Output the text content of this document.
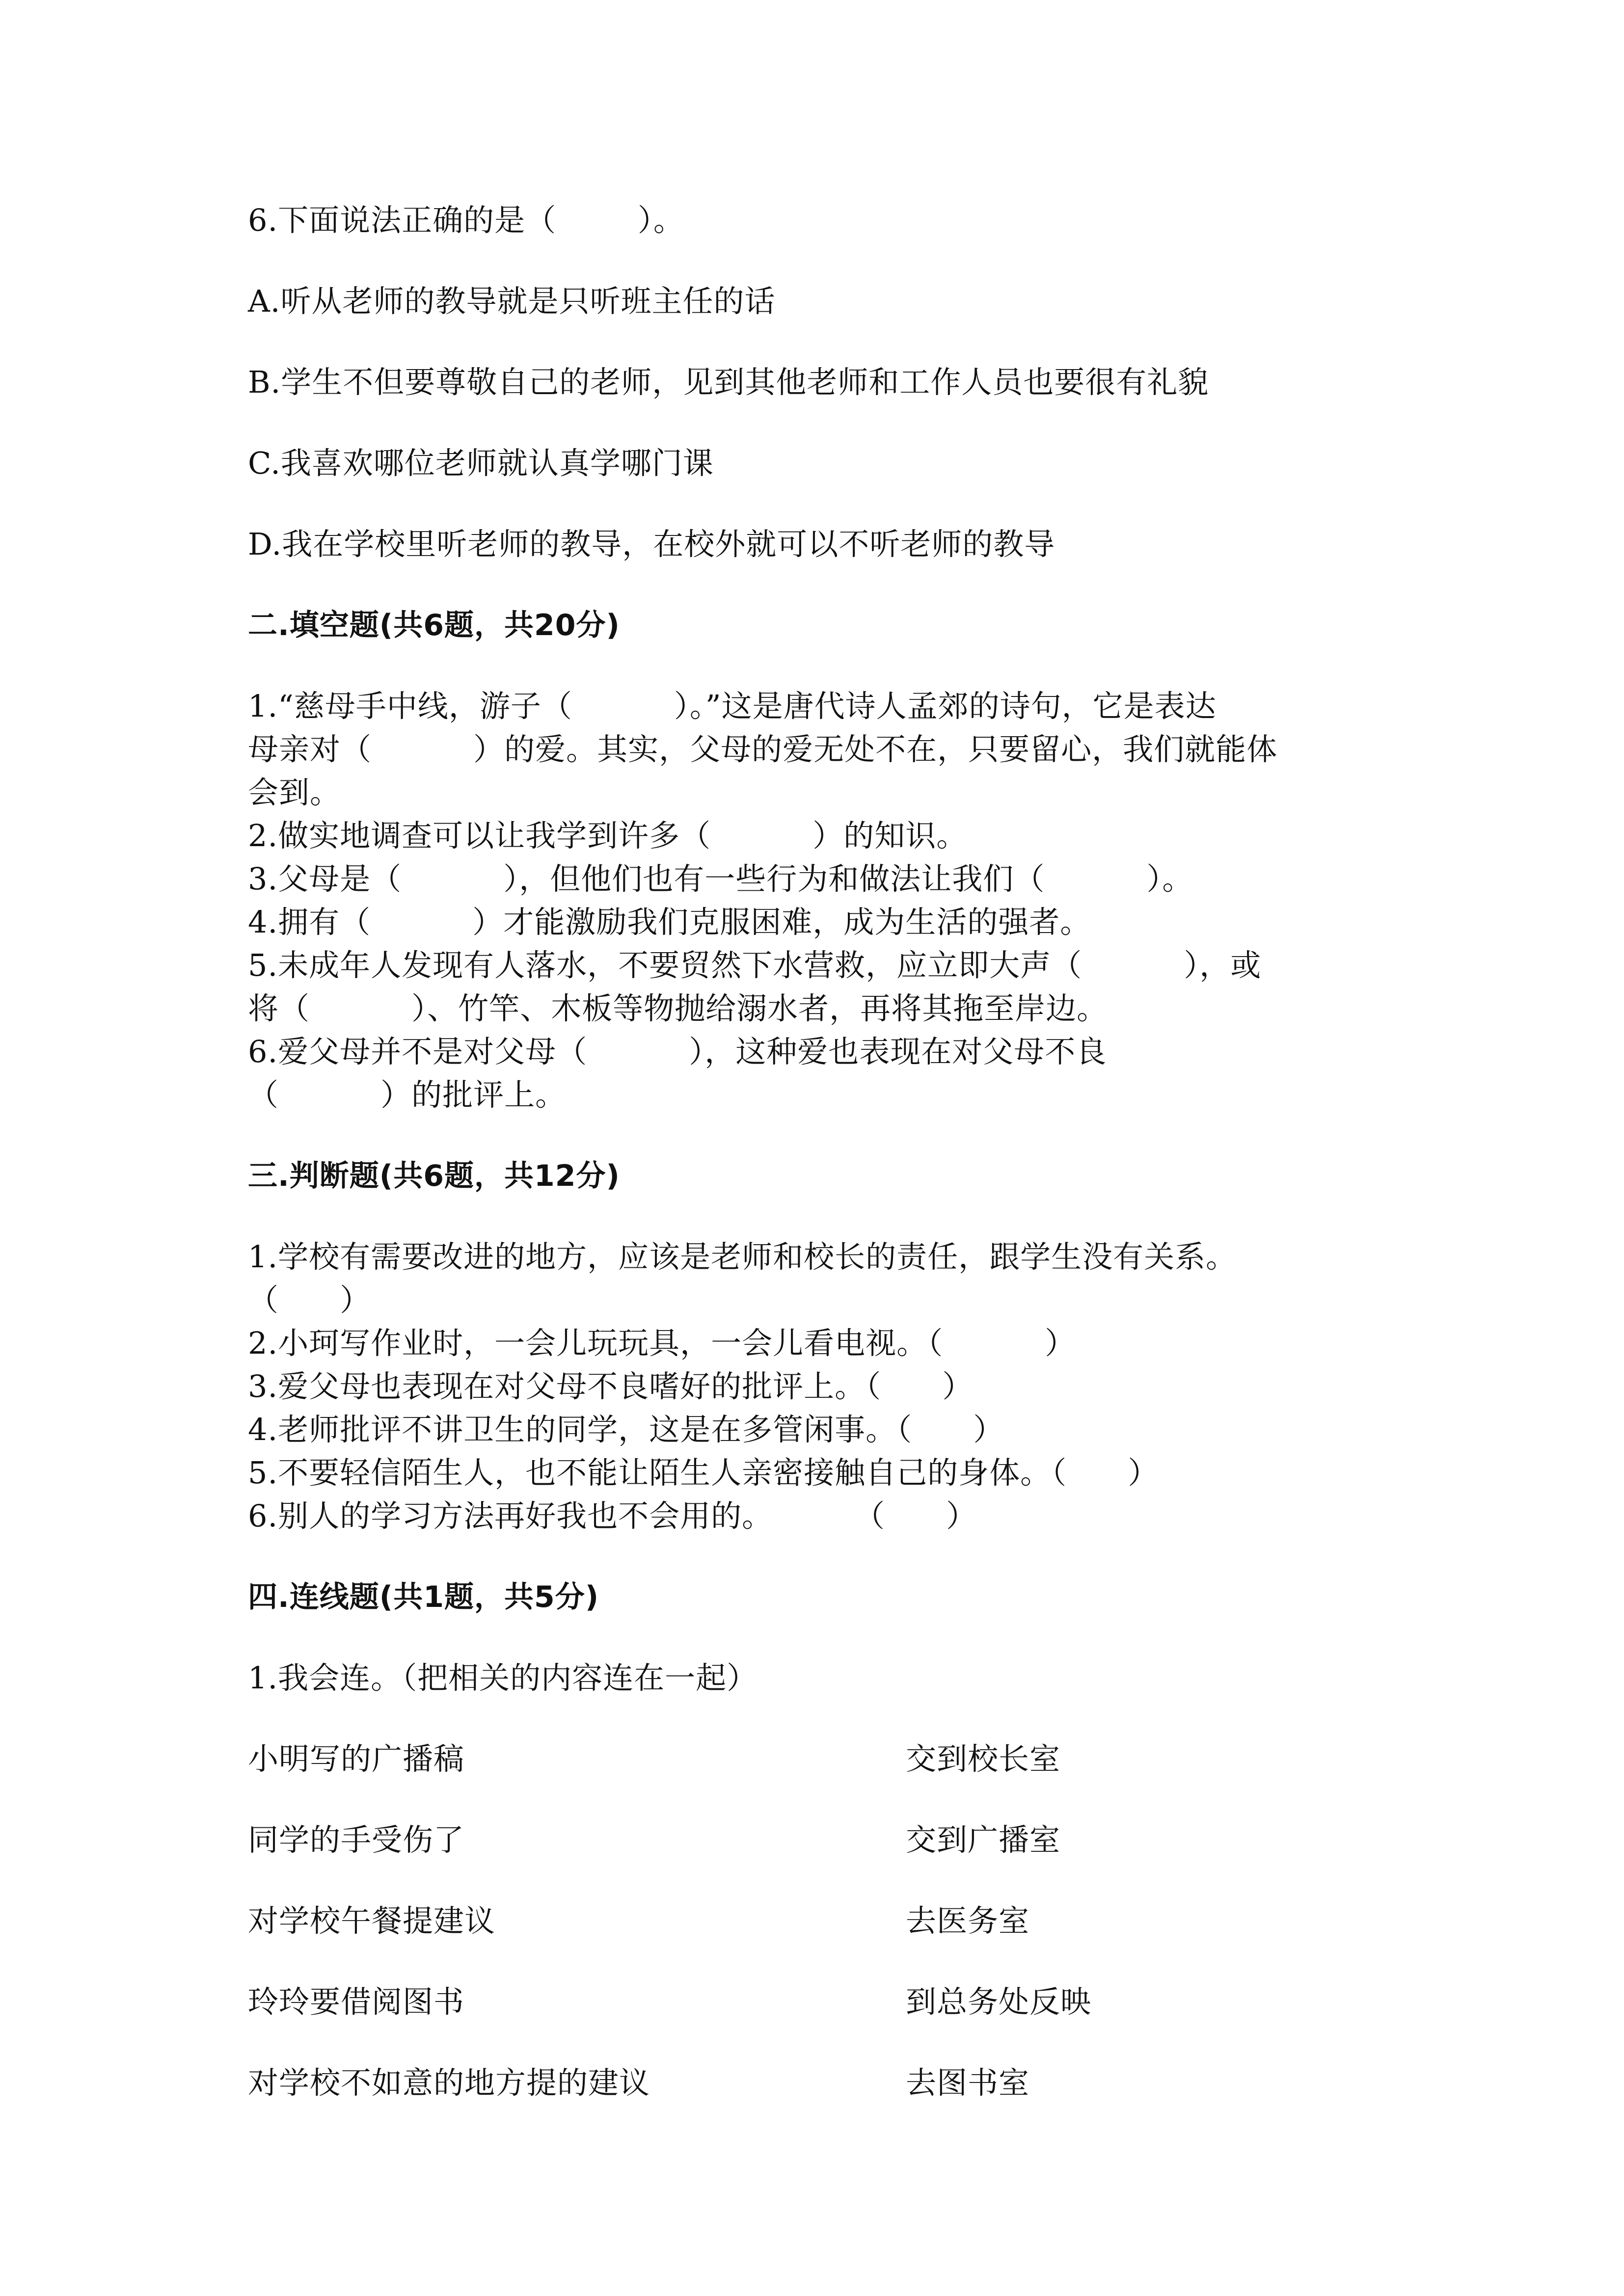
6.下面说法正确的是（        ）。
A.听从老师的教导就是只听班主任的话
B.学生不但要尊敬自己的老师，见到其他老师和工作人员也要很有礼貌
C.我喜欢哪位老师就认真学哪门课
D.我在学校里听老师的教导，在校外就可以不听老师的教导
二.填空题(共6题，共20分)
1.“慈母手中线，游子（          ）。”这是唐代诗人孟郊的诗句，它是表达
母亲对（          ）的爱。其实，父母的爱无处不在，只要留心，我们就能体
会到。
2.做实地调查可以让我学到许多（          ）的知识。
3.父母是（          ），但他们也有一些行为和做法让我们（          ）。
4.拥有（          ）才能激励我们克服困难，成为生活的强者。
5.未成年人发现有人落水，不要贸然下水营救，应立即大声（          ），或
将（          ）、竹竿、木板等物抛给溺水者，再将其拖至岸边。
6.爱父母并不是对父母（          ），这种爱也表现在对父母不良
（          ）的批评上。
三.判断题(共6题，共12分)
1.学校有需要改进的地方，应该是老师和校长的责任，跟学生没有关系。
（      ）
2.小珂写作业时，一会儿玩玩具，一会儿看电视。（          ）
3.爱父母也表现在对父母不良嗜好的批评上。（      ）
4.老师批评不讲卫生的同学，这是在多管闲事。（      ）
5.不要轻信陌生人，也不能让陌生人亲密接触自己的身体。（      ）
6.别人的学习方法再好我也不会用的。        （      ）
四.连线题(共1题，共5分)
1.我会连。（把相关的内容连在一起）
小明写的广播稿	交到校长室
同学的手受伤了	交到广播室
对学校午餐提建议	去医务室
玲玲要借阅图书	到总务处反映
对学校不如意的地方提的建议	去图书室
